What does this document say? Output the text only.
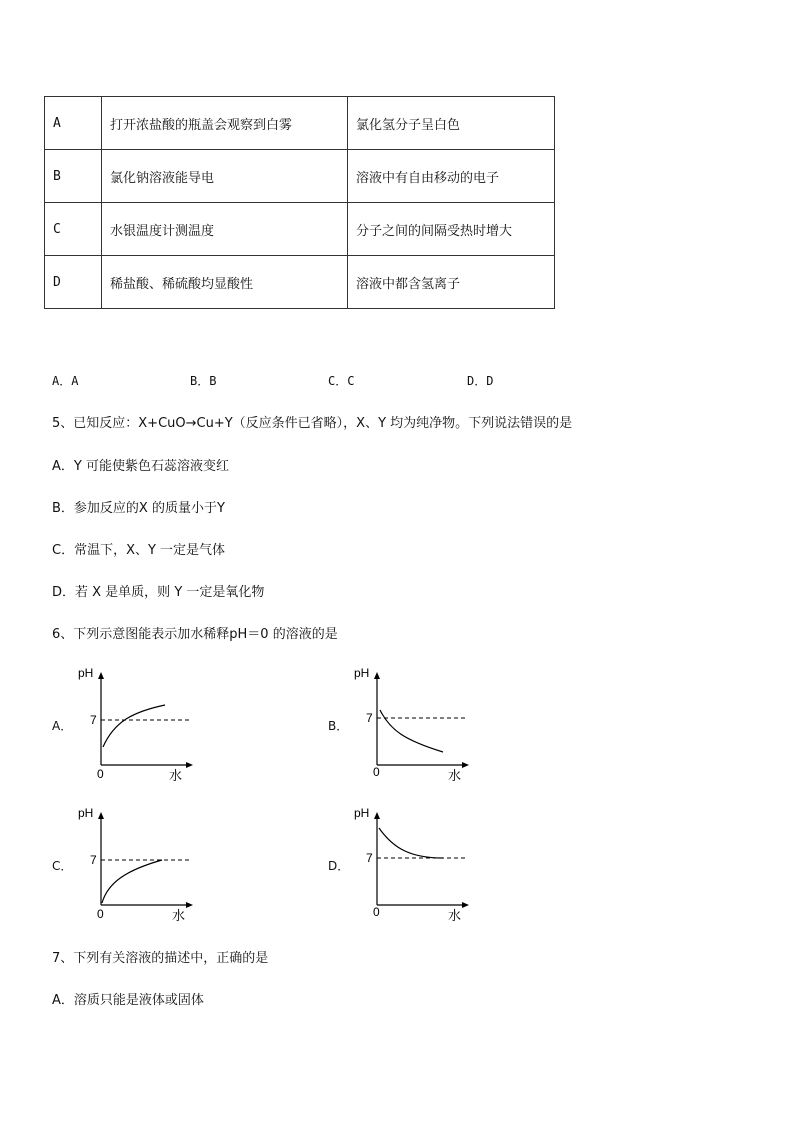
A	打开浓盐酸的瓶盖会观察到白雾	氯化氢分子呈白色
B	氯化钠溶液能导电	溶液中有自由移动的电子
C	水银温度计测温度	分子之间的间隔受热时增大
D	稀盐酸、稀硫酸均显酸性	溶液中都含氢离子
A．A	B．B	C．C	D．D
5、已知反应：X+CuO→Cu+Y（反应条件已省略），X、Y 均为纯净物。下列说法错误的是
A．Y 可能使紫色石蕊溶液变红
B．参加反应的X 的质量小于Y
C．常温下，X、Y 一定是气体
D．若 X 是单质，则 Y 一定是氧化物
6、下列示意图能表示加水稀释pH＝0 的溶液的是
A．
pH
7
0	水
B．
pH
7
0	水
C．
pH
7
0	水
D．
pH
7
0	水
7、下列有关溶液的描述中，正确的是
A．溶质只能是液体或固体
